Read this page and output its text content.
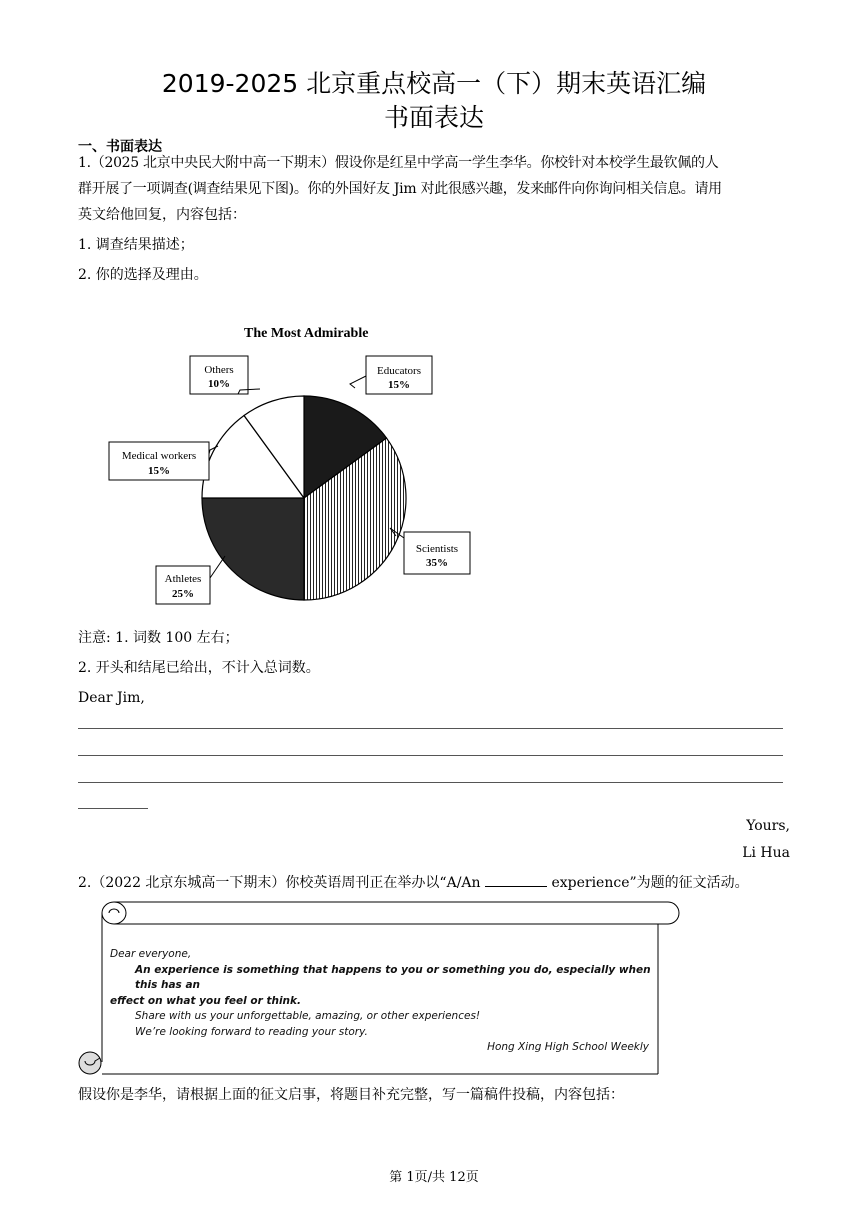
2019-2025 北京重点校高一（下）期末英语汇编
书面表达
一、书面表达

1.（2025 北京中央民大附中高一下期末）假设你是红星中学高一学生李华。你校针对本校学生最钦佩的人

群开展了一项调查(调查结果见下图)。你的外国好友 Jim 对此很感兴趣，发来邮件向你询问相关信息。请用

英文给他回复，内容包括：

1. 调查结果描述；

2. 你的选择及理由。

The Most Admirable
Others
10%
Educators
15%
Medical workers
15%
Scientists
35%
Athletes
25%

注意: 1. 词数 100 左右；

2. 开头和结尾已给出，不计入总词数。

Dear Jim,

Yours,
Li Hua
2.（2022 北京东城高一下期末）你校英语周刊正在举办以“A/An	experience”为题的征文活动。
Dear everyone,
An experience is something that happens to you or something you do, especially when this has an
effect on what you feel or think.
Share with us your unforgettable, amazing, or other experiences!
We’re looking forward to reading your story.
Hong Xing High School Weekly
假设你是李华，请根据上面的征文启事，将题目补充完整，写一篇稿件投稿，内容包括：
第 1页/共 12页
